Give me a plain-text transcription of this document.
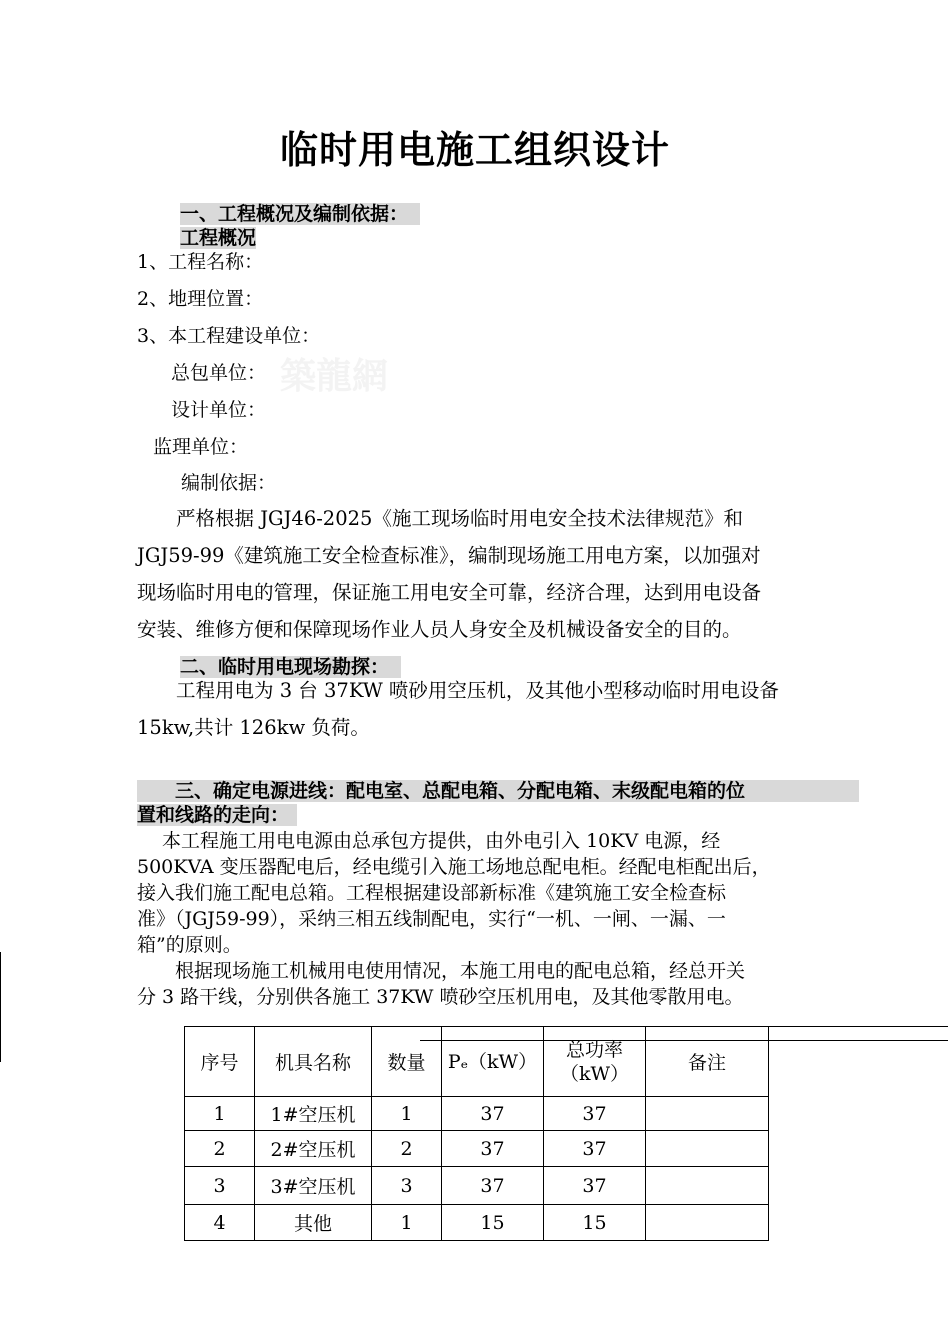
临时用电施工组织设计
築龍網
一、工程概况及编制依据：
工程概况
1、工程名称：
2、地理位置：
3、本工程建设单位：
总包单位：
设计单位：
监理单位：
编制依据：

　　严格根据 JGJ46-2025《施工现场临时用电安全技术法律规范》和

JGJ59-99《建筑施工安全检查标准》，编制现场施工用电方案，以加强对

现场临时用电的管理，保证施工用电安全可靠，经济合理，达到用电设备

安装、维修方便和保障现场作业人员人身安全及机械设备安全的目的。

二、临时用电现场勘探：

　　工程用电为 3 台 37KW 喷砂用空压机，及其他小型移动临时用电设备

15kw,共计 126kw 负荷。

　　三、确定电源进线：配电室、总配电箱、分配电箱、末级配电箱的位
置和线路的走向：

　 本工程施工用电电源由总承包方提供，由外电引入 10KV 电源，经

500KVA 变压器配电后，经电缆引入施工场地总配电柜。经配电柜配出后，

接入我们施工配电总箱。工程根据建设部新标准《建筑施工安全检查标

准》（JGJ59-99），采纳三相五线制配电，实行“一机、一闸、一漏、一

箱”的原则。

　　根据现场施工机械用电使用情况，本施工用电的配电总箱，经总开关

分 3 路干线，分别供各施工 37KW 喷砂空压机用电，及其他零散用电。

序号	机具名称	数量	Pₑ（kW）	总功率（kW）	备注
1	1#空压机	1	37	37	
2	2#空压机	2	37	37	
3	3#空压机	3	37	37	
4	其他	1	15	15	
